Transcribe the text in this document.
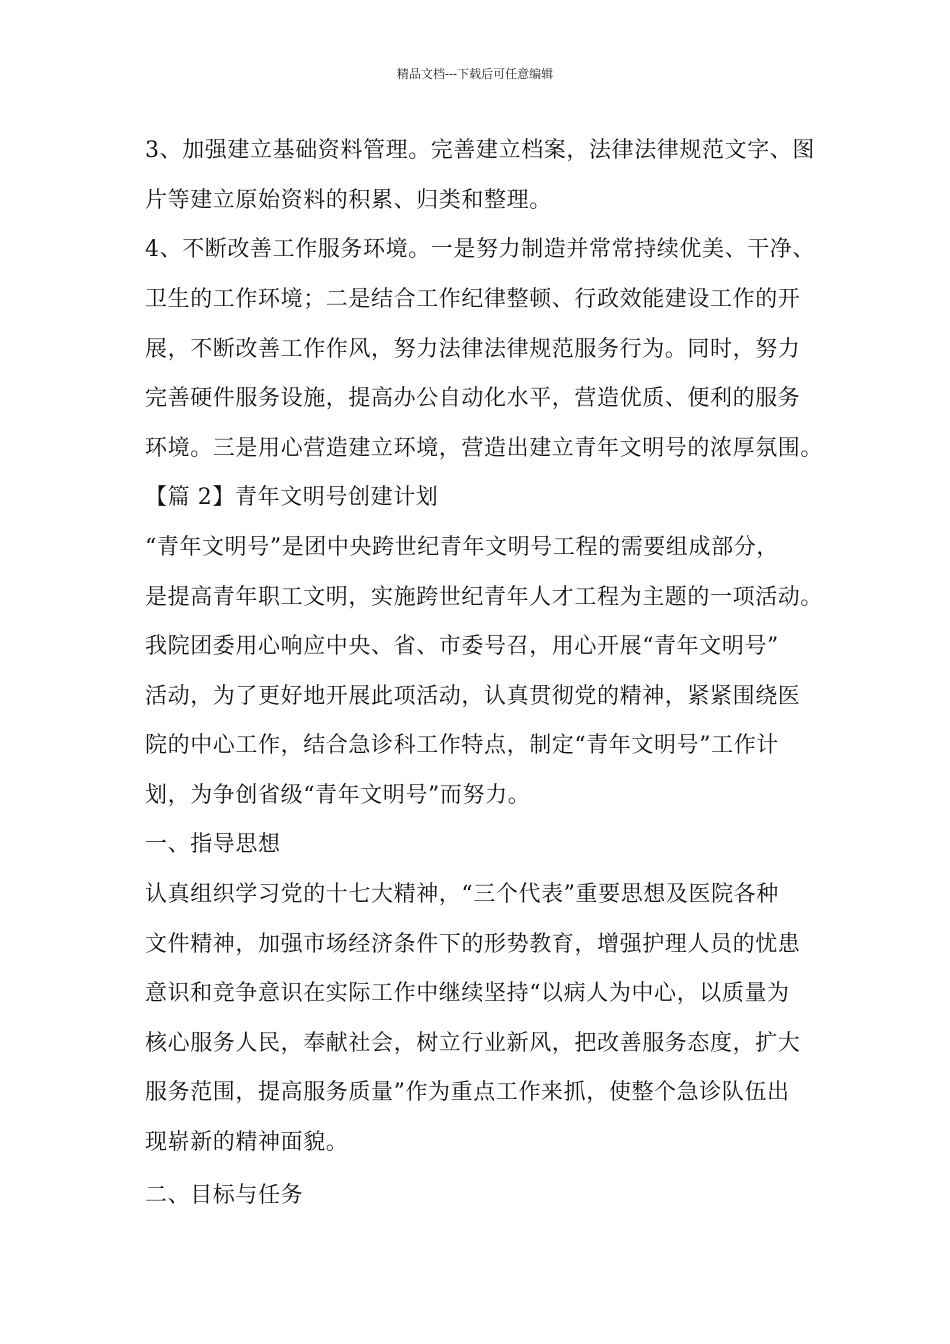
精品文档---下载后可任意编辑
3、加强建立基础资料管理。完善建立档案，法律法律规范文字、图
片等建立原始资料的积累、归类和整理。
4、不断改善工作服务环境。一是努力制造并常常持续优美、干净、
卫生的工作环境；二是结合工作纪律整顿、行政效能建设工作的开
展，不断改善工作作风，努力法律法律规范服务行为。同时，努力
完善硬件服务设施，提高办公自动化水平，营造优质、便利的服务
环境。三是用心营造建立环境，营造出建立青年文明号的浓厚氛围。
【篇 2】青年文明号创建计划
“青年文明号”是团中央跨世纪青年文明号工程的需要组成部分，
是提高青年职工文明，实施跨世纪青年人才工程为主题的一项活动。
我院团委用心响应中央、省、市委号召，用心开展“青年文明号”
活动，为了更好地开展此项活动，认真贯彻党的精神，紧紧围绕医
院的中心工作，结合急诊科工作特点，制定“青年文明号”工作计
划，为争创省级“青年文明号”而努力。
一、指导思想
认真组织学习党的十七大精神，“三个代表”重要思想及医院各种
文件精神，加强市场经济条件下的形势教育，增强护理人员的忧患
意识和竞争意识在实际工作中继续坚持“以病人为中心，以质量为
核心服务人民，奉献社会，树立行业新风，把改善服务态度，扩大
服务范围，提高服务质量”作为重点工作来抓，使整个急诊队伍出
现崭新的精神面貌。
二、目标与任务
